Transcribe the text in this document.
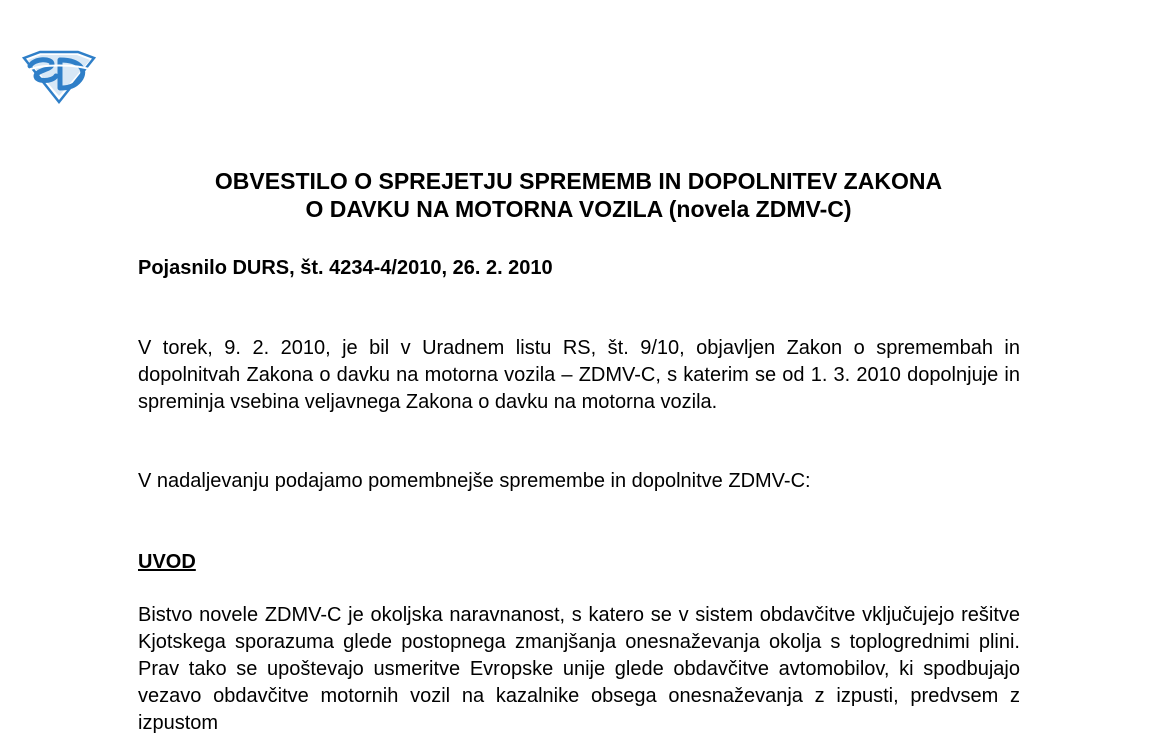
OBVESTILO O SPREJETJU SPREMEMB IN DOPOLNITEV ZAKONA
O DAVKU NA MOTORNA VOZILA (novela ZDMV-C)
Pojasnilo DURS, št. 4234-4/2010, 26. 2. 2010
V torek, 9. 2. 2010, je bil v Uradnem listu RS, št. 9/10, objavljen Zakon o spremembah in dopolnitvah Zakona o davku na motorna vozila – ZDMV-C, s katerim se od 1. 3. 2010 dopolnjuje in spreminja vsebina veljavnega Zakona o davku na motorna vozila.
V nadaljevanju podajamo pomembnejše spremembe in dopolnitve ZDMV-C:
UVOD
Bistvo novele ZDMV-C je okoljska naravnanost, s katero se v sistem obdavčitve vključujejo rešitve Kjotskega sporazuma glede postopnega zmanjšanja onesnaževanja okolja s toplogrednimi plini. Prav tako se upoštevajo usmeritve Evropske unije glede obdavčitve avtomobilov, ki spodbujajo vezavo obdavčitve motornih vozil na kazalnike obsega onesnaževanja z izpusti, predvsem z izpustom
